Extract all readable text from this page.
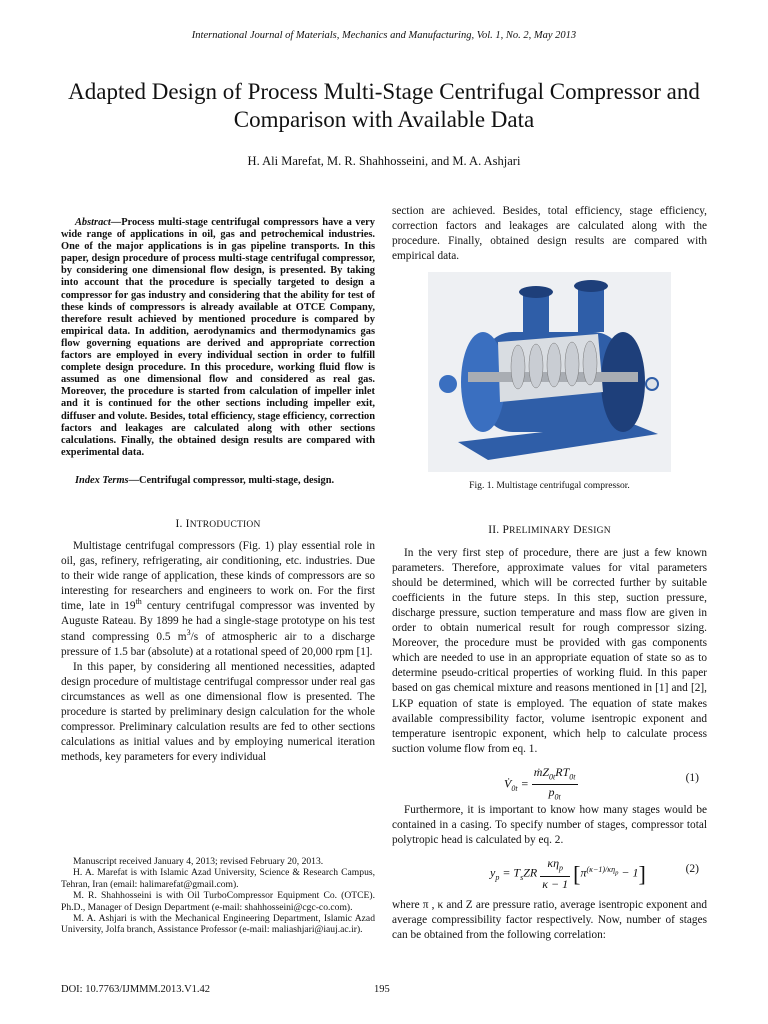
International Journal of Materials, Mechanics and Manufacturing, Vol. 1, No. 2, May 2013
Adapted Design of Process Multi-Stage Centrifugal Compressor and Comparison with Available Data
H. Ali Marefat, M. R. Shahhosseini, and M. A. Ashjari

Abstract—Process multi-stage centrifugal compressors have a very wide range of applications in oil, gas and petrochemical industries. One of the major applications is in gas pipeline transports. In this paper, design procedure of process multi-stage centrifugal compressor, by considering one dimensional flow design, is presented. By taking into account that the procedure is specially targeted to design a compressor for gas industry and considering that the ability for test of these kinds of compressors is already available at OTCE Company, therefore result achieved by mentioned procedure is compared by empirical data. In addition, aerodynamics and thermodynamics gas flow governing equations are derived and appropriate correction factors are employed in every individual section in order to fulfill complete design procedure. In this procedure, working fluid flow is assumed as one dimensional flow and considered as real gas. Moreover, the procedure is started from calculation of impeller inlet and it is continued for the other sections including impeller exit, diffuser and volute. Besides, total efficiency, stage efficiency, correction factors and leakages are calculated along with other sections calculations. Finally, the obtained design results are compared with experimental data.

Index Terms—Centrifugal compressor, multi-stage, design.

I. INTRODUCTION

Multistage centrifugal compressors (Fig. 1) play essential role in oil, gas, refinery, refrigerating, air conditioning, etc. industries. Due to their wide range of application, these kinds of compressors are so interesting for researchers and engineers to work on. For the first time, late in 19th century centrifugal compressor was invented by Auguste Rateau. By 1899 he had a single-stage prototype on his test stand compressing 0.5 $m^3/s$ of atmospheric air to a discharge pressure of 1.5 bar (absolute) at a rotational speed of 20,000 rpm [1].

In this paper, by considering all mentioned necessities, adapted design procedure of multistage centrifugal compressor under real gas circumstances as well as one dimensional flow is presented. The procedure is started by preliminary design calculation for the whole compressor. Preliminary calculation results are fed to other sections calculations as initial values and by employing numerical iteration methods, key parameters for every individual

Manuscript received January 4, 2013; revised February 20, 2013.

H. A. Marefat is with Islamic Azad University, Science & Research Campus, Tehran, Iran (email: halimarefat@gmail.com).

M. R. Shahhosseini is with Oil TurboCompressor Equipment Co. (OTCE). Ph.D., Manager of Design Department (e-mail: shahhosseini@cgc-co.com).

M. A. Ashjari is with the Mechanical Engineering Department, Islamic Azad University, Jolfa branch, Assistance Professor (e-mail: maliashjari@iauj.ac.ir).

section are achieved. Besides, total efficiency, stage efficiency, correction factors and leakages are calculated along with the procedure. Finally, obtained design results are compared with empirical data.

Fig. 1. Multistage centrifugal compressor.

II. PRELIMINARY DESIGN

In the very first step of procedure, there are just a few known parameters. Therefore, approximate values for vital parameters should be determined, which will be corrected further by suitable coefficients in the future steps. In this step, suction pressure, discharge pressure, suction temperature and mass flow are given in order to obtain numerical result for rough compressor sizing. Moreover, the procedure must be provided with gas components which are needed to use in an appropriate equation of state so as to determine pseudo-critical properties of working fluid. In this paper based on gas chemical mixture and reasons mentioned in [1] and [2], LKP equation of state is employed. The equation of state makes available compressibility factor, volume isentropic exponent and temperature isentropic exponent, which help to calculate process suction volume flow from eq. 1.

$V̇_{0t} = \frac{ṁZ_{0t}RT_{0t}}{p_{0t}}$	(1)

Furthermore, it is important to know how many stages would be contained in a casing. To specify number of stages, compressor total polytropic head is calculated by eq. 2.

$y_p = T_sZR \frac{\kappa\eta_p}{\kappa - 1} [\pi^{(\kappa-1)/\kappa\eta_p} - 1]$	(2)

where π , κ and Z are pressure ratio, average isentropic exponent and average compressibility factor respectively. Now, number of stages can be obtained from the following correlation:

DOI: 10.7763/IJMMM.2013.V1.42	195
